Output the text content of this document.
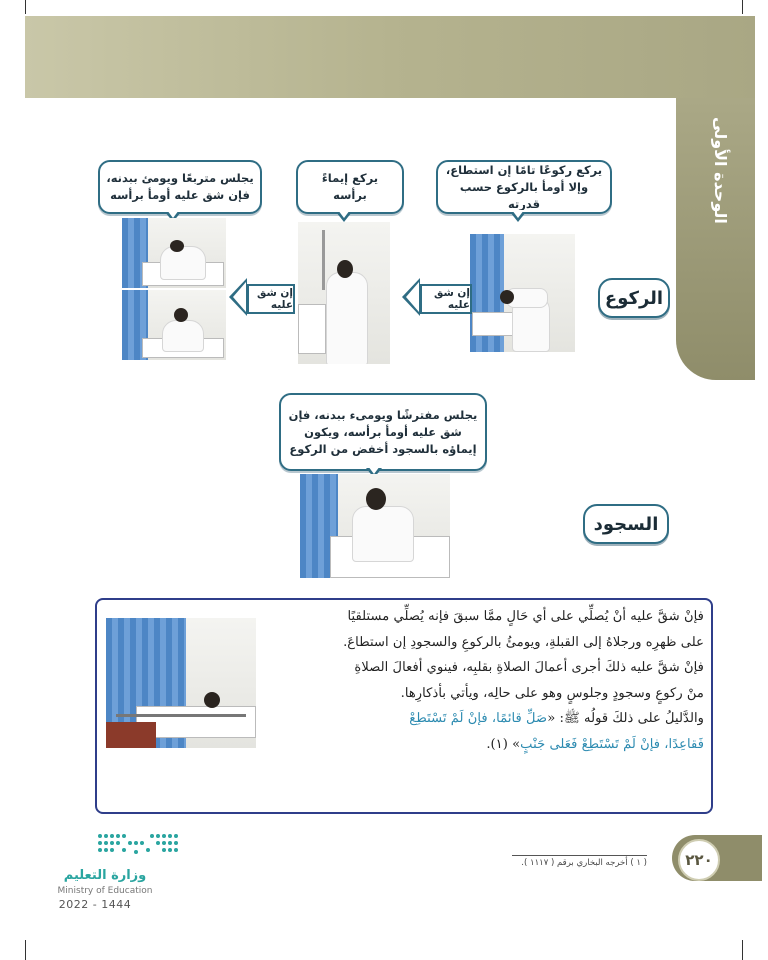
الوحدة الأولى
يركع ركوعًا تامًا إن استطاع، وإلا أومأ بالركوع حسب قدرته
يركع إيماءً برأسه
يجلس متربعًا ويومئ ببدنه، فإن شق عليه أومأ برأسه
إن شق عليه
إن شق عليه	الركوع
السجود
يجلس مفترشًا ويومىء ببدنه، فإن شق عليه أومأ برأسه، ويكون إيماؤه بالسجود أخفض من الركوع
فإنْ شقَّ عليه أنْ يُصلِّي على أي حَالٍ ممَّا سبقَ فإنه يُصلِّي مستلقيًا
على ظهرِه ورجلاهُ إلى القبلةِ، ويومئُ بالركوعِ والسجودِ إن استطاعَ.
فإنْ شقَّ عليه ذلكَ أجرى أعمالَ الصلاةِ بقلبِه، فينوي أفعالَ الصلاةِ
منْ ركوعٍ وسجودٍ وجلوسٍ وهو على حالِه، ويأتي بأذكارِها.
والدَّليلُ على ذلكَ قولُه ﷺ: «صَلِّ قائمًا، فإنْ لَمْ تَسْتَطِعْ
فَقاعِدًا، فإنْ لَمْ تَسْتَطِعْ فَعَلى جَنْبٍ» (١).
( ١ ) أخرجه البخاري برقم ( ١١١٧ ).	٢٢٠
وزارة التعليم
Ministry of Education
2022 - 1444
